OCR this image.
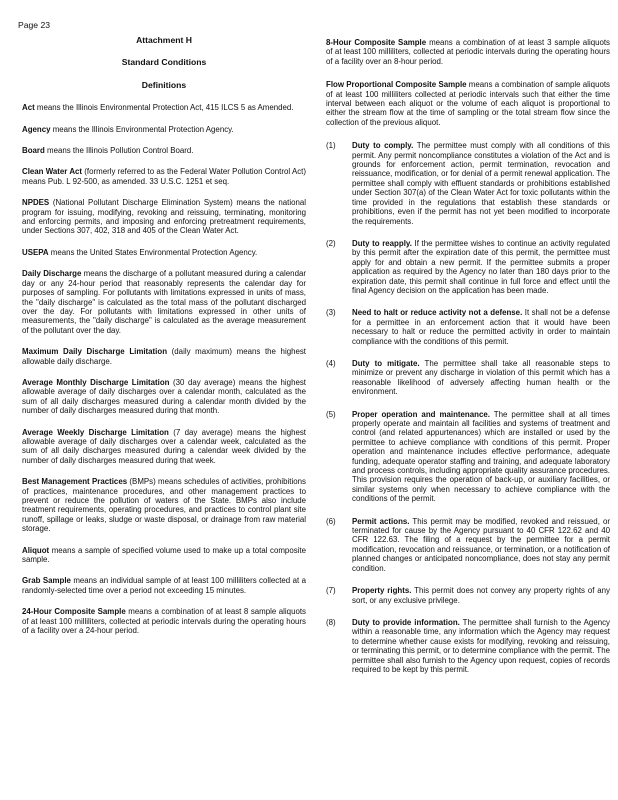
Page 23
Attachment H
Standard Conditions
Definitions
Act means the Illinois Environmental Protection Act, 415 ILCS 5 as Amended.
Agency means the Illinois Environmental Protection Agency.
Board means the Illinois Pollution Control Board.
Clean Water Act (formerly referred to as the Federal Water Pollution Control Act) means Pub. L 92-500, as amended. 33 U.S.C. 1251 et seq.
NPDES (National Pollutant Discharge Elimination System) means the national program for issuing, modifying, revoking and reissuing, terminating, monitoring and enforcing permits, and imposing and enforcing pretreatment requirements, under Sections 307, 402, 318 and 405 of the Clean Water Act.
USEPA means the United States Environmental Protection Agency.
Daily Discharge means the discharge of a pollutant measured during a calendar day or any 24-hour period that reasonably represents the calendar day for purposes of sampling. For pollutants with limitations expressed in units of mass, the "daily discharge" is calculated as the total mass of the pollutant discharged over the day. For pollutants with limitations expressed in other units of measurements, the "daily discharge" is calculated as the average measurement of the pollutant over the day.
Maximum Daily Discharge Limitation (daily maximum) means the highest allowable daily discharge.
Average Monthly Discharge Limitation (30 day average) means the highest allowable average of daily discharges over a calendar month, calculated as the sum of all daily discharges measured during a calendar month divided by the number of daily discharges measured during that month.
Average Weekly Discharge Limitation (7 day average) means the highest allowable average of daily discharges over a calendar week, calculated as the sum of all daily discharges measured during a calendar week divided by the number of daily discharges measured during that week.
Best Management Practices (BMPs) means schedules of activities, prohibitions of practices, maintenance procedures, and other management practices to prevent or reduce the pollution of waters of the State. BMPs also include treatment requirements, operating procedures, and practices to control plant site runoff, spillage or leaks, sludge or waste disposal, or drainage from raw material storage.
Aliquot means a sample of specified volume used to make up a total composite sample.
Grab Sample means an individual sample of at least 100 milliliters collected at a randomly-selected time over a period not exceeding 15 minutes.
24-Hour Composite Sample means a combination of at least 8 sample aliquots of at least 100 milliliters, collected at periodic intervals during the operating hours of a facility over a 24-hour period.
8-Hour Composite Sample means a combination of at least 3 sample aliquots of at least 100 milliliters, collected at periodic intervals during the operating hours of a facility over an 8-hour period.
Flow Proportional Composite Sample means a combination of sample aliquots of at least 100 milliliters collected at periodic intervals such that either the time interval between each aliquot or the volume of each aliquot is proportional to either the stream flow at the time of sampling or the total stream flow since the collection of the previous aliquot.
(1)	Duty to comply. The permittee must comply with all conditions of this permit. Any permit noncompliance constitutes a violation of the Act and is grounds for enforcement action, permit termination, revocation and reissuance, modification, or for denial of a permit renewal application. The permittee shall comply with effluent standards or prohibitions established under Section 307(a) of the Clean Water Act for toxic pollutants within the time provided in the regulations that establish these standards or prohibitions, even if the permit has not yet been modified to incorporate the requirements.
(2)	Duty to reapply. If the permittee wishes to continue an activity regulated by this permit after the expiration date of this permit, the permittee must apply for and obtain a new permit. If the permittee submits a proper application as required by the Agency no later than 180 days prior to the expiration date, this permit shall continue in full force and effect until the final Agency decision on the application has been made.
(3)	Need to halt or reduce activity not a defense. It shall not be a defense for a permittee in an enforcement action that it would have been necessary to halt or reduce the permitted activity in order to maintain compliance with the conditions of this permit.
(4)	Duty to mitigate. The permittee shall take all reasonable steps to minimize or prevent any discharge in violation of this permit which has a reasonable likelihood of adversely affecting human health or the environment.
(5)	Proper operation and maintenance. The permittee shall at all times properly operate and maintain all facilities and systems of treatment and control (and related appurtenances) which are installed or used by the permittee to achieve compliance with conditions of this permit. Proper operation and maintenance includes effective performance, adequate funding, adequate operator staffing and training, and adequate laboratory and process controls, including appropriate quality assurance procedures. This provision requires the operation of back-up, or auxiliary facilities, or similar systems only when necessary to achieve compliance with the conditions of the permit.
(6)	Permit actions. This permit may be modified, revoked and reissued, or terminated for cause by the Agency pursuant to 40 CFR 122.62 and 40 CFR 122.63. The filing of a request by the permittee for a permit modification, revocation and reissuance, or termination, or a notification of planned changes or anticipated noncompliance, does not stay any permit condition.
(7)	Property rights. This permit does not convey any property rights of any sort, or any exclusive privilege.
(8)	Duty to provide information. The permittee shall furnish to the Agency within a reasonable time, any information which the Agency may request to determine whether cause exists for modifying, revoking and reissuing, or terminating this permit, or to determine compliance with the permit. The permittee shall also furnish to the Agency upon request, copies of records required to be kept by this permit.
